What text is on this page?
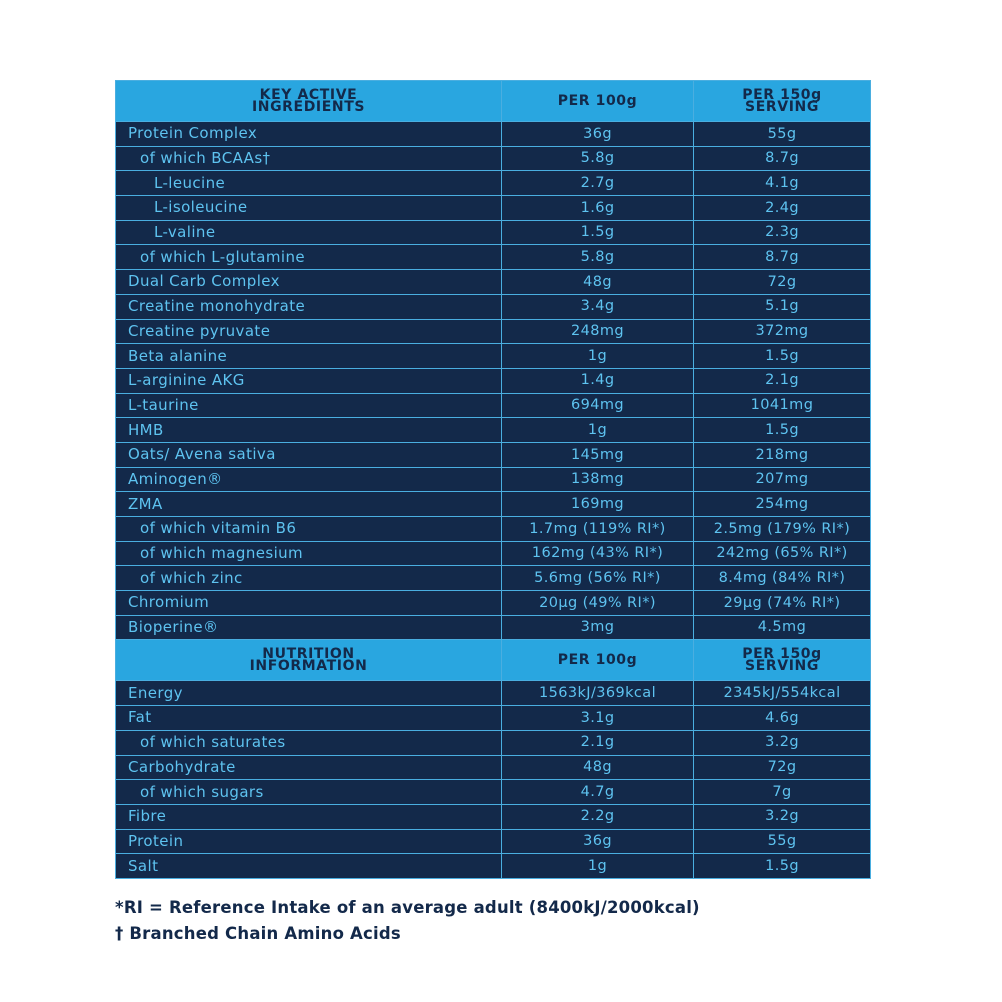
KEY ACTIVE INGREDIENTS	PER 100g	PER 150g SERVING
Protein Complex	36g	55g
of which BCAAs†	5.8g	8.7g
L-leucine	2.7g	4.1g
L-isoleucine	1.6g	2.4g
L-valine	1.5g	2.3g
of which L-glutamine	5.8g	8.7g
Dual Carb Complex	48g	72g
Creatine monohydrate	3.4g	5.1g
Creatine pyruvate	248mg	372mg
Beta alanine	1g	1.5g
L-arginine AKG	1.4g	2.1g
L-taurine	694mg	1041mg
HMB	1g	1.5g
Oats/ Avena sativa	145mg	218mg
Aminogen®	138mg	207mg
ZMA	169mg	254mg
of which vitamin B6	1.7mg (119% RI*)	2.5mg (179% RI*)
of which magnesium	162mg (43% RI*)	242mg (65% RI*)
of which zinc	5.6mg (56% RI*)	8.4mg (84% RI*)
Chromium	20µg (49% RI*)	29µg (74% RI*)
Bioperine®	3mg	4.5mg
NUTRITION INFORMATION	PER 100g	PER 150g SERVING
Energy	1563kJ/369kcal	2345kJ/554kcal
Fat	3.1g	4.6g
of which saturates	2.1g	3.2g
Carbohydrate	48g	72g
of which sugars	4.7g	7g
Fibre	2.2g	3.2g
Protein	36g	55g
Salt	1g	1.5g
*RI = Reference Intake of an average adult (8400kJ/2000kcal)
† Branched Chain Amino Acids
